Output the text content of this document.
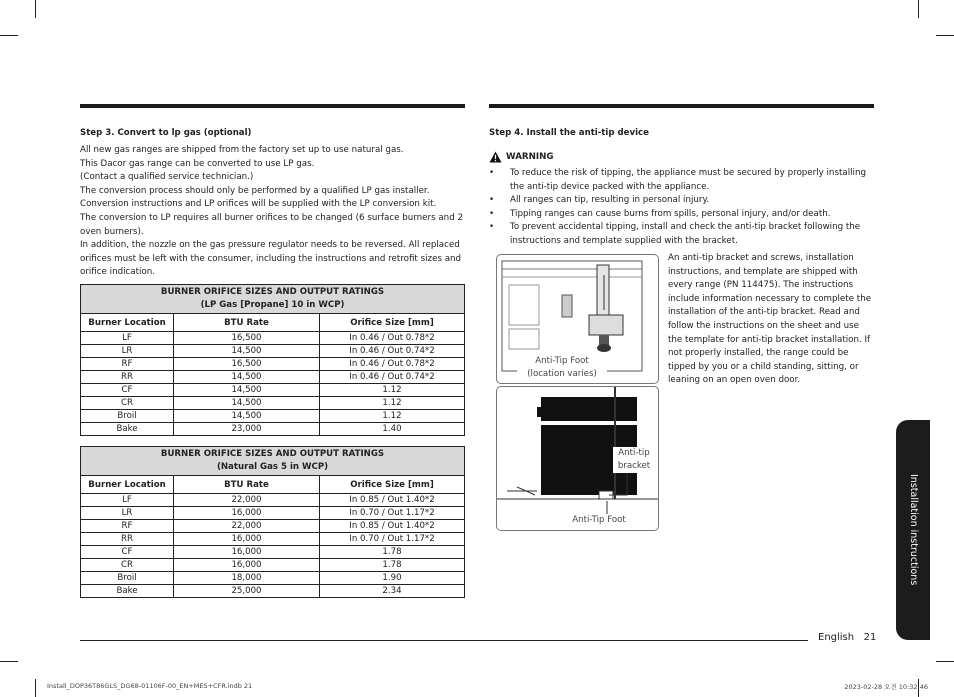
Step 3. Convert to lp gas (optional)

All new gas ranges are shipped from the factory set up to use natural gas.

This Dacor gas range can be converted to use LP gas.

(Contact a qualified service technician.)

The conversion process should only be performed by a qualified LP gas installer.

Conversion instructions and LP orifices will be supplied with the LP conversion kit.

The conversion to LP requires all burner orifices to be changed (6 surface burners and 2 oven burners).

In addition, the nozzle on the gas pressure regulator needs to be reversed. All replaced orifices must be left with the consumer, including the instructions and retrofit sizes and orifice indication.

BURNER ORIFICE SIZES AND OUTPUT RATINGS
(LP Gas [Propane] 10 in WCP)		

Burner Location	BTU Rate	Orifice Size [mm]
LF	16,500	In 0.46 / Out 0.78*2
LR	14,500	In 0.46 / Out 0.74*2
RF	16,500	In 0.46 / Out 0.78*2
RR	14,500	In 0.46 / Out 0.74*2
CF	14,500	1.12
CR	14,500	1.12
Broil	14,500	1.12
Bake	23,000	1.40
BURNER ORIFICE SIZES AND OUTPUT RATINGS
(Natural Gas 5 in WCP)		

Burner Location	BTU Rate	Orifice Size [mm]
LF	22,000	In 0.85 / Out 1.40*2
LR	16,000	In 0.70 / Out 1.17*2
RF	22,000	In 0.85 / Out 1.40*2
RR	16,000	In 0.70 / Out 1.17*2
CF	16,000	1.78
CR	16,000	1.78
Broil	18,000	1.90
Bake	25,000	2.34
Step 4. Install the anti-tip device
WARNING
• To reduce the risk of tipping, the appliance must be secured by properly installing the anti-tip device packed with the appliance.
• All ranges can tip, resulting in personal injury.
• Tipping ranges can cause burns from spills, personal injury, and/or death.
• To prevent accidental tipping, install and check the anti-tip bracket following the instructions and template supplied with the bracket.
An anti-tip bracket and screws, installation instructions, and template are shipped with every range (PN 114475). The instructions include information necessary to complete the installation of the anti-tip bracket. Read and follow the instructions on the sheet and use the template for anti-tip bracket installation. If not properly installed, the range could be tipped by you or a child standing, sitting, or leaning on an open oven door.
Anti-Tip Foot
(location varies)
Anti-tip
bracket
Anti-Tip Foot	Installation instructions
English 21
Install_DOP36T86GLS_DG68-01106F-00_EN+MES+CFR.indb 21	2023-02-28 오전 10:32:46
